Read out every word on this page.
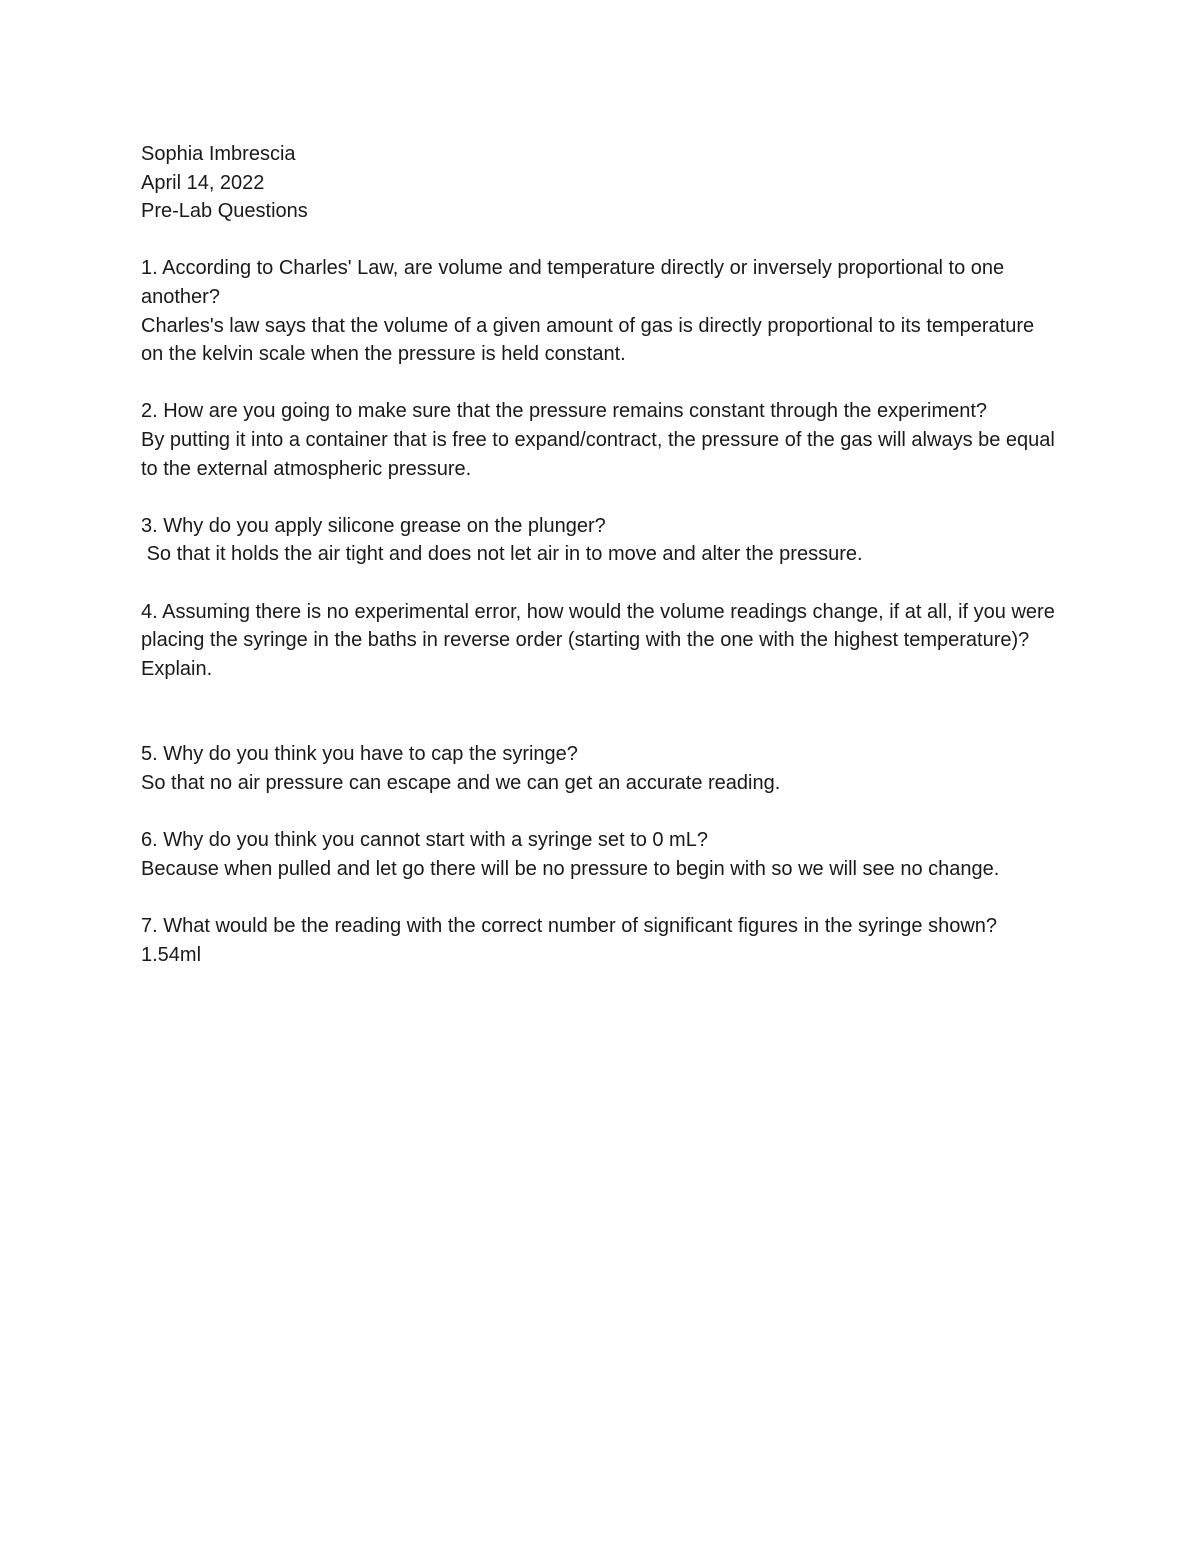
Sophia Imbrescia
April 14, 2022
Pre-Lab Questions
1. According to Charles' Law, are volume and temperature directly or inversely proportional to one another?
Charles's law says that the volume of a given amount of gas is directly proportional to its temperature on the kelvin scale when the pressure is held constant.
2. How are you going to make sure that the pressure remains constant through the experiment?
By putting it into a container that is free to expand/contract, the pressure of the gas will always be equal to the external atmospheric pressure.
3. Why do you apply silicone grease on the plunger?
So that it holds the air tight and does not let air in to move and alter the pressure.
4. Assuming there is no experimental error, how would the volume readings change, if at all, if you were placing the syringe in the baths in reverse order (starting with the one with the highest temperature)? Explain.
5. Why do you think you have to cap the syringe?
So that no air pressure can escape and we can get an accurate reading.
6. Why do you think you cannot start with a syringe set to 0 mL?
Because when pulled and let go there will be no pressure to begin with so we will see no change.
7. What would be the reading with the correct number of significant figures in the syringe shown?
1.54ml
